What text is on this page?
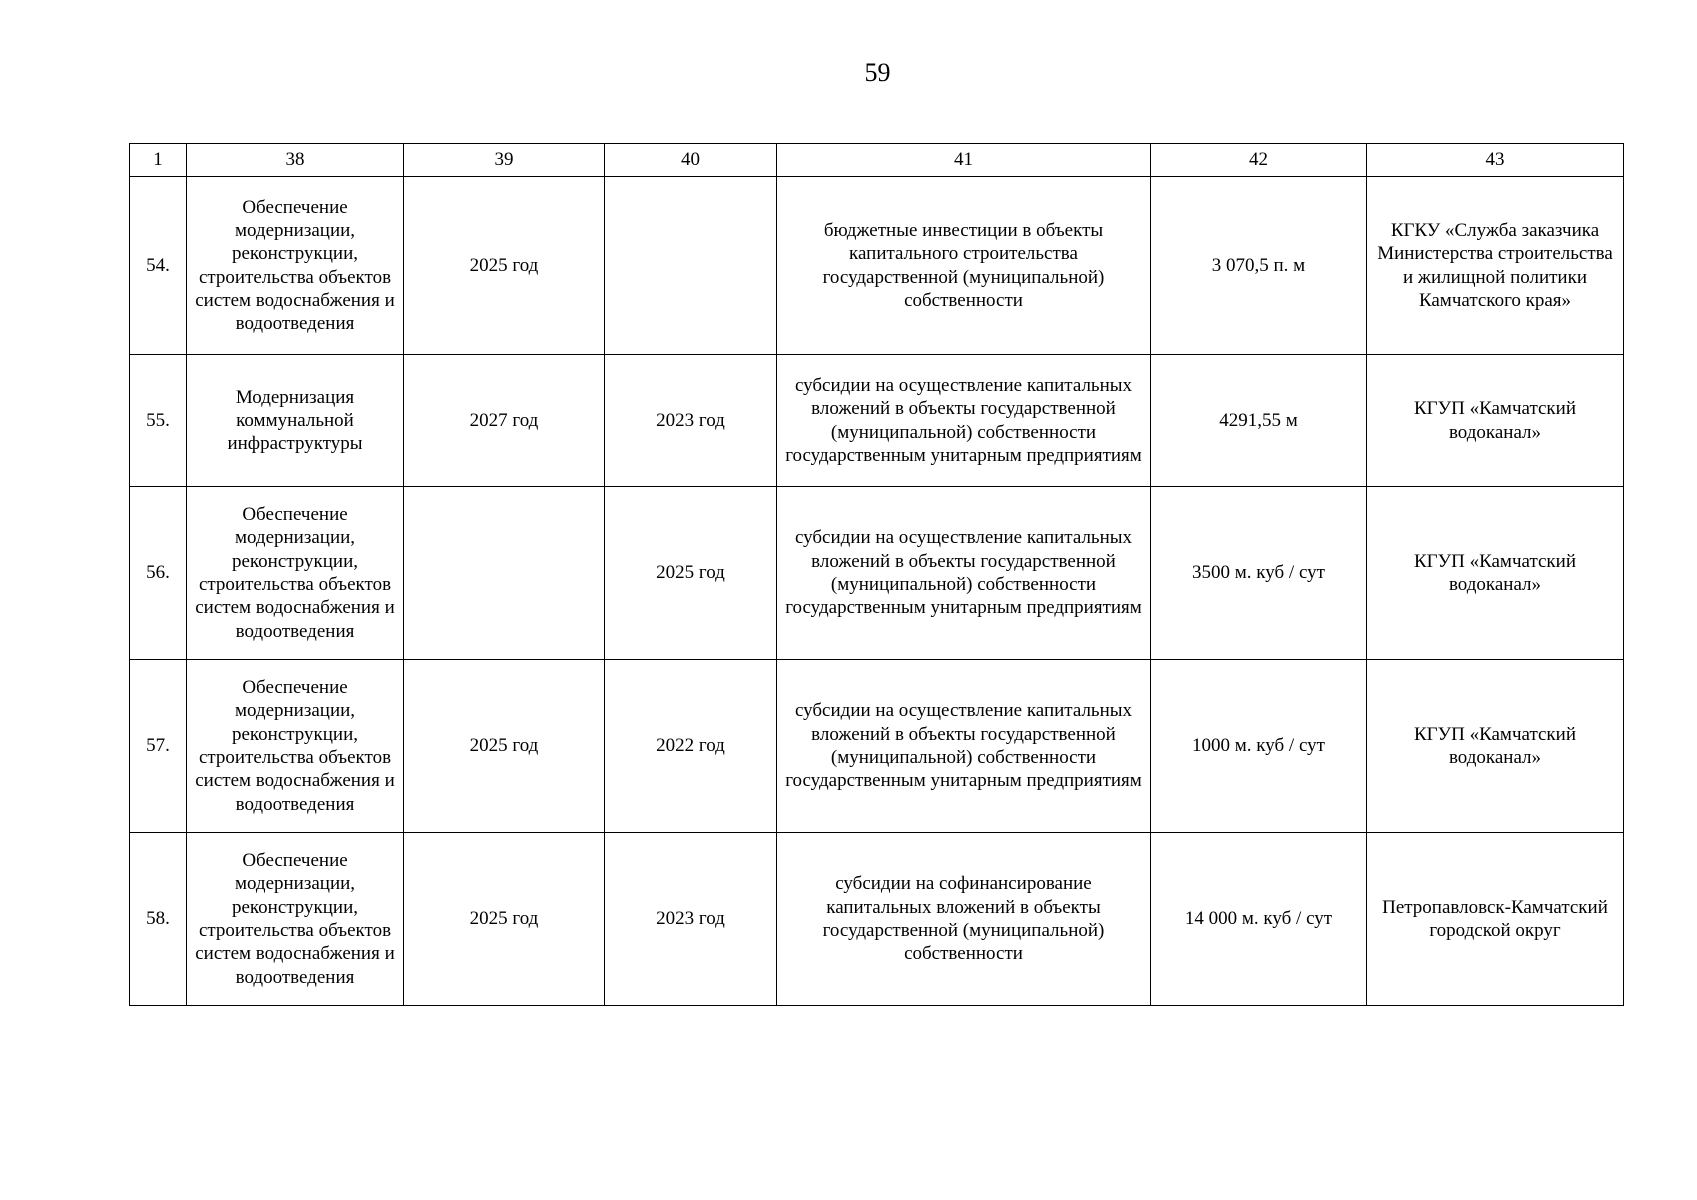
59
1	38	39	40	41	42	43
54.	Обеспечение модернизации, реконструкции, строительства объектов систем водоснабжения и водоотведения	2025 год		бюджетные инвестиции в объекты капитального строительства государственной (муниципальной) собственности	3 070,5 п. м	КГКУ «Служба заказчика Министерства строительства и жилищной политики Камчатского края»
55.	Модернизация коммунальной инфраструктуры	2027 год	2023 год	субсидии на осуществление капитальных вложений в объекты государственной (муниципальной) собственности государственным унитарным предприятиям	4291,55 м	КГУП «Камчатский водоканал»
56.	Обеспечение модернизации, реконструкции, строительства объектов систем водоснабжения и водоотведения		2025 год	субсидии на осуществление капитальных вложений в объекты государственной (муниципальной) собственности государственным унитарным предприятиям	3500 м. куб / сут	КГУП «Камчатский водоканал»
57.	Обеспечение модернизации, реконструкции, строительства объектов систем водоснабжения и водоотведения	2025 год	2022 год	субсидии на осуществление капитальных вложений в объекты государственной (муниципальной) собственности государственным унитарным предприятиям	1000 м. куб / сут	КГУП «Камчатский водоканал»
58.	Обеспечение модернизации, реконструкции, строительства объектов систем водоснабжения и водоотведения	2025 год	2023 год	субсидии на софинансирование капитальных вложений в объекты государственной (муниципальной) собственности	14 000 м. куб / сут	Петропавловск-Камчатский городской округ
